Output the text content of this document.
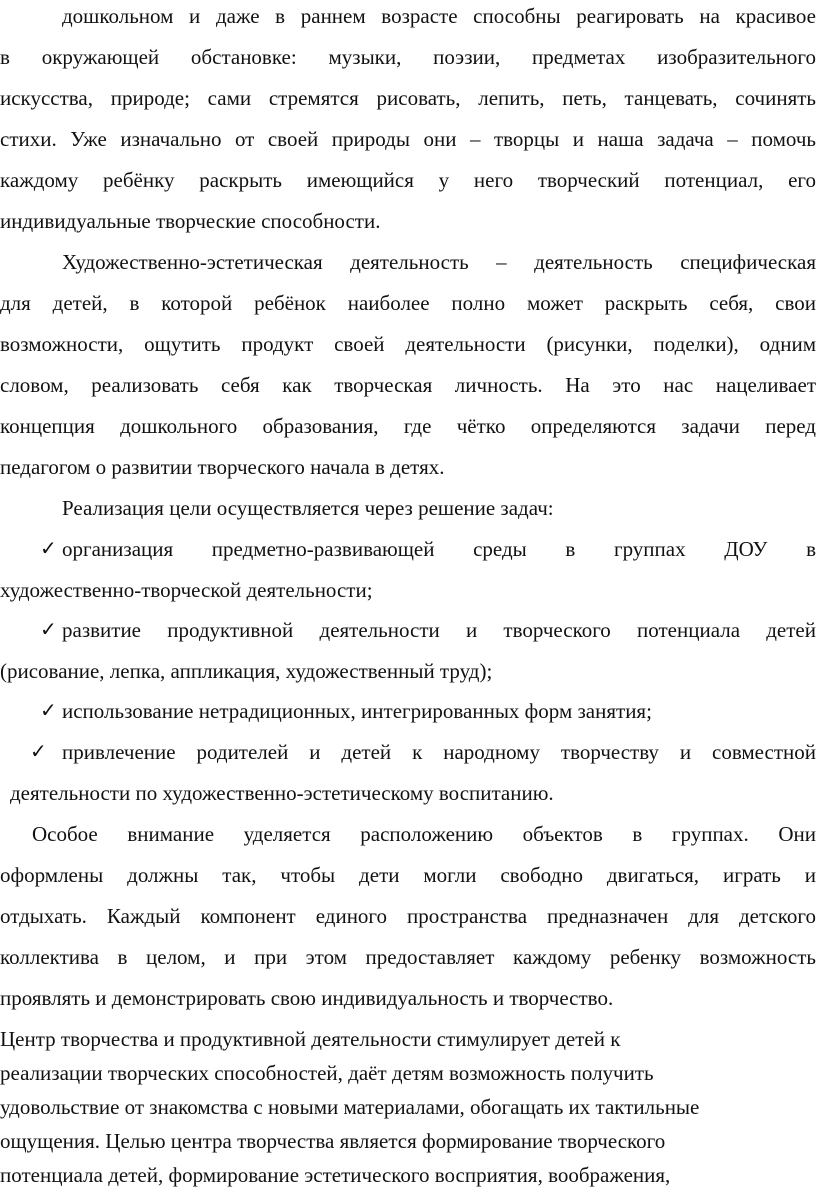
дошкольном и даже в раннем возрасте способны реагировать на красивое
в окружающей обстановке: музыки, поэзии, предметах изобразительного
искусства, природе; сами стремятся рисовать, лепить, петь, танцевать, сочинять
стихи. Уже изначально от своей природы они – творцы и наша задача – помочь
каждому ребёнку раскрыть имеющийся у него творческий потенциал, его
индивидуальные творческие способности.
Художественно-эстетическая деятельность – деятельность специфическая
для детей, в которой ребёнок наиболее полно может раскрыть себя, свои
возможности, ощутить продукт своей деятельности (рисунки, поделки), одним
словом, реализовать себя как творческая личность. На это нас нацеливает
концепция дошкольного образования, где чётко определяются задачи перед
педагогом о развитии творческого начала в детях.
Реализация цели осуществляется через решение задач:
✓ организация предметно-развивающей среды в группах ДОУ в
художественно-творческой деятельности;
✓ развитие продуктивной деятельности и творческого потенциала детей
(рисование, лепка, аппликация, художественный труд);
✓ использование нетрадиционных, интегрированных форм занятия;
✓ привлечение родителей и детей к народному творчеству и совместной
деятельности по художественно-эстетическому воспитанию.
Особое внимание уделяется расположению объектов в группах. Они
оформлены должны так, чтобы дети могли свободно двигаться, играть и
отдыхать. Каждый компонент единого пространства предназначен для детского
коллектива в целом, и при этом предоставляет каждому ребенку возможность
проявлять и демонстрировать свою индивидуальность и творчество.
Центр творчества и продуктивной деятельности стимулирует детей к
реализации творческих способностей, даёт детям возможность получить
удовольствие от знакомства с новыми материалами, обогащать их тактильные
ощущения. Целью центра творчества является формирование творческого
потенциала детей, формирование эстетического восприятия, воображения,
